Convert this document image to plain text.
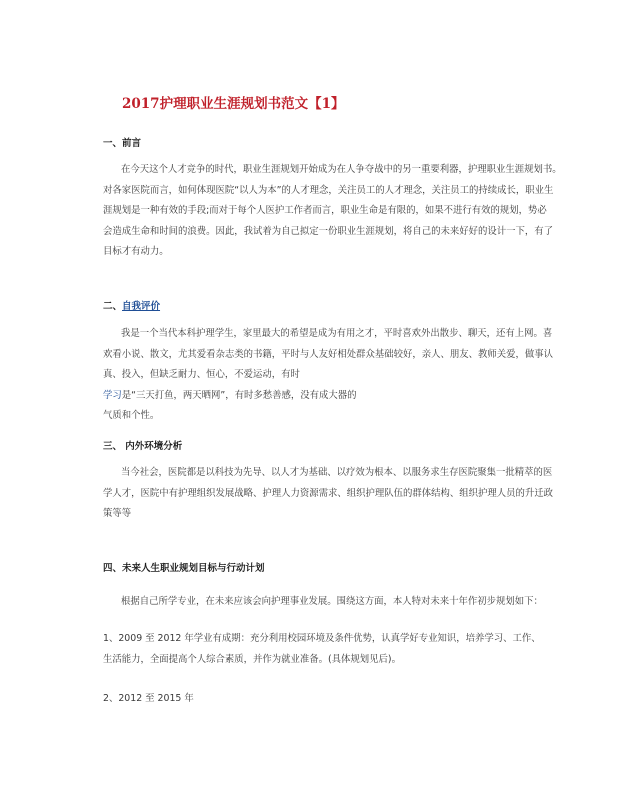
2017护理职业生涯规划书范文【1】
一、前言
在今天这个人才竞争的时代，职业生涯规划开始成为在人争夺战中的另一重要利器，护理职业生涯规划书。
对各家医院而言，如何体现医院“以人为本”的人才理念，关注员工的人才理念，关注员工的持续成长，职业生
涯规划是一种有效的手段;而对于每个人医护工作者而言，职业生命是有限的，如果不进行有效的规划，势必
会造成生命和时间的浪费。因此，我试着为自己拟定一份职业生涯规划，将自己的未来好好的设计一下，有了
目标才有动力。
二、自我评价
我是一个当代本科护理学生，家里最大的希望是成为有用之才，平时喜欢外出散步、聊天，还有上网。喜
欢看小说、散文，尤其爱看杂志类的书籍，平时与人友好相处群众基础较好，亲人、朋友、教师关爱，做事认
真、投入，但缺乏耐力、恒心，不爱运动，有时
学习是“三天打鱼，两天晒网”，有时多愁善感，没有成大器的
气质和个性。
三、 内外环境分析
当今社会，医院都是以科技为先导、以人才为基础、以疗效为根本、以服务求生存医院聚集一批精萃的医
学人才，医院中有护理组织发展战略、护理人力资源需求、组织护理队伍的群体结构、组织护理人员的升迁政
策等等
四、未来人生职业规划目标与行动计划
根据自己所学专业，在未来应该会向护理事业发展。围绕这方面，本人特对未来十年作初步规划如下：
1、2009 至 2012 年学业有成期：充分利用校园环境及条件优势，认真学好专业知识，培养学习、工作、
生活能力，全面提高个人综合素质，并作为就业准备。(具体规划见后)。
2、2012 至 2015 年
